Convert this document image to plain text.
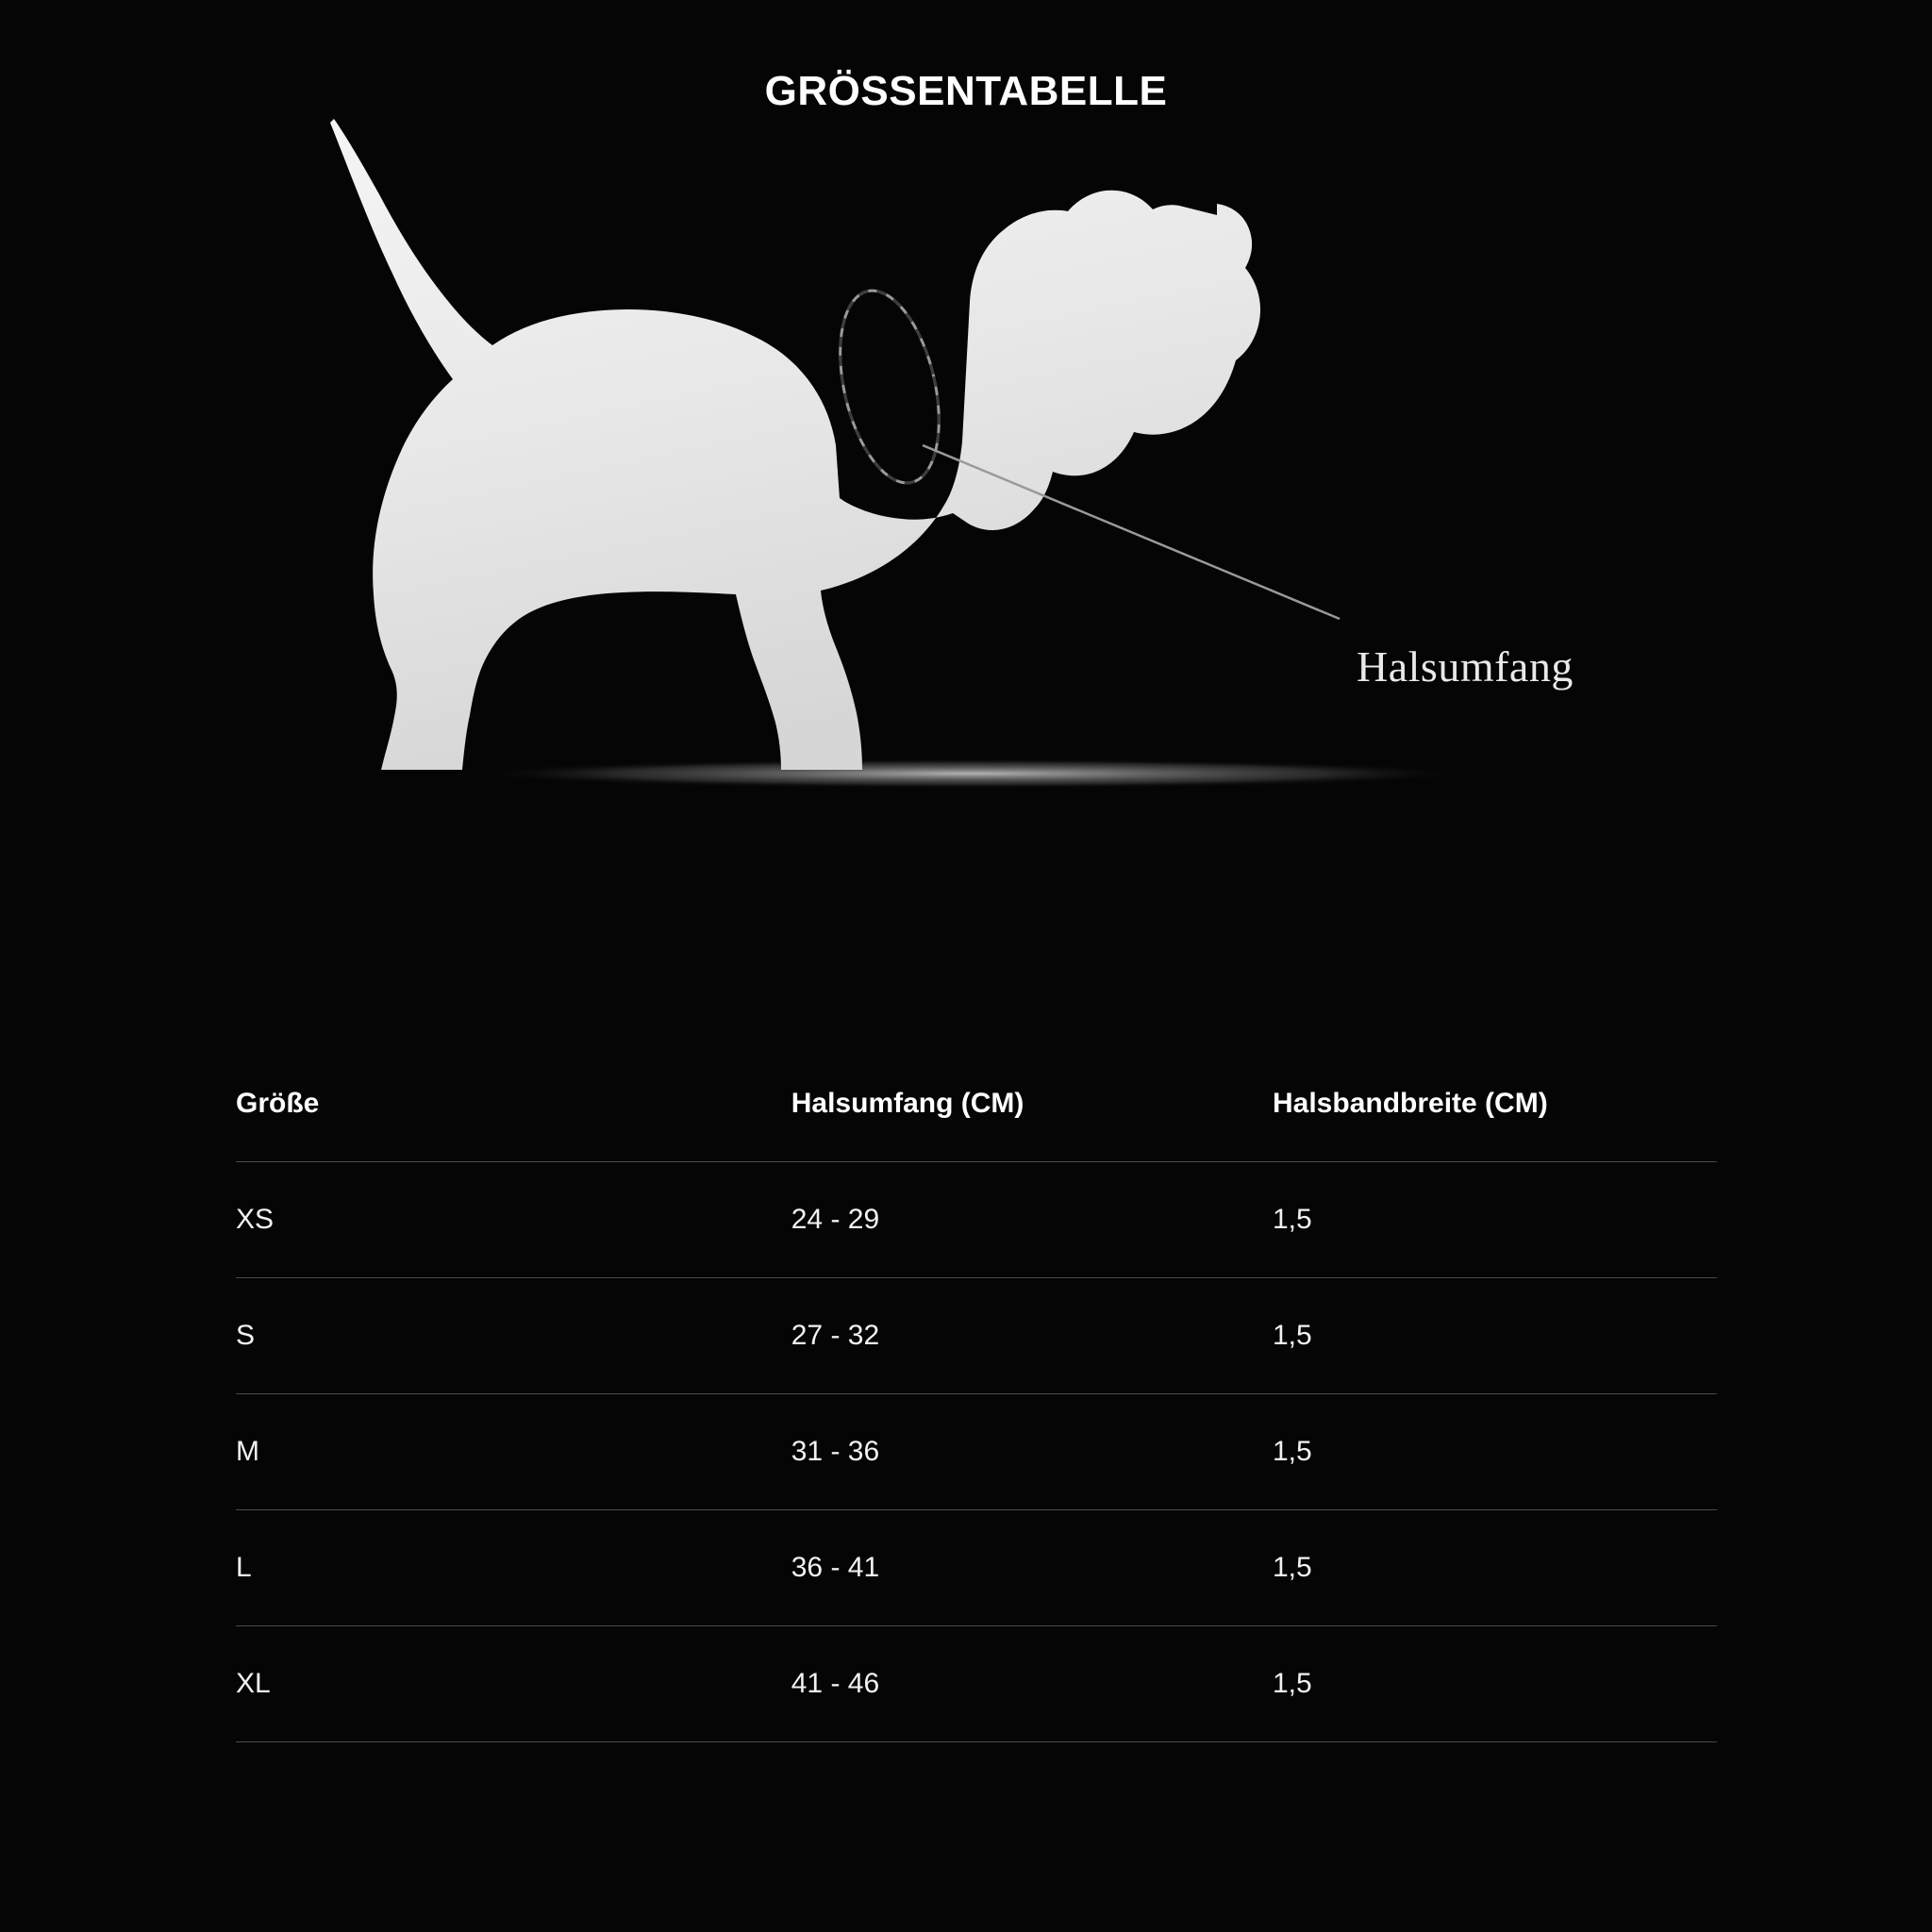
GRÖSSENTABELLE
Halsumfang
Größe	Halsumfang (CM)	Halsbandbreite (CM)
XS	24 - 29	1,5
S	27 - 32	1,5
M	31 - 36	1,5
L	36 - 41	1,5
XL	41 - 46	1,5
